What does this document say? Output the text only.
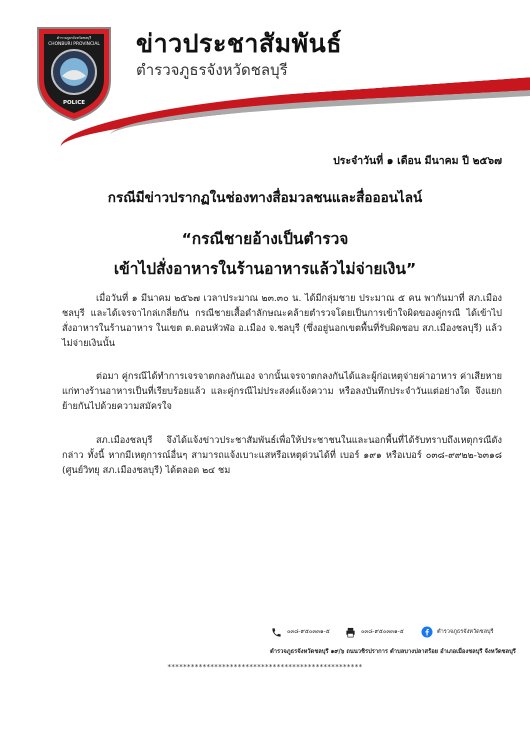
CHONBURI PROVINCIAL
POLICE
ตำรวจภูธรจังหวัดชลบุรี ข่าวประชาสัมพันธ์
ตำรวจภูธรจังหวัดชลบุรี
ประจำวันที่ ๑ เดือน มีนาคม ปี ๒๕๖๗
กรณีมีข่าวปรากฏในช่องทางสื่อมวลชนและสื่อออนไลน์
“กรณีชายอ้างเป็นตำรวจ
เข้าไปสั่งอาหารในร้านอาหารแล้วไม่จ่ายเงิน”
เมื่อวันที่ ๑ มีนาคม ๒๕๖๗ เวลาประมาณ ๒๓.๓๐ น. ได้มีกลุ่มชาย ประมาณ ๕ คน พากันมาที่ สภ.เมืองชลบุรี และได้เจรจาไกล่เกลี่ยกัน กรณีชายเสื้อดำลักษณะคล้ายตำรวจโดยเป็นการเข้าใจผิดของคู่กรณี ได้เข้าไปสั่งอาหารในร้านอาหาร ในเขต ต.ดอนหัวฬ่อ อ.เมือง จ.ชลบุรี (ซึ่งอยู่นอกเขตพื้นที่รับผิดชอบ สภ.เมืองชลบุรี) แล้วไม่จ่ายเงินนั้น
ต่อมา คู่กรณีได้ทำการเจรจาตกลงกันเอง จากนั้นเจรจาตกลงกันได้และผู้ก่อเหตุจ่ายค่าอาหาร ค่าเสียหาย แก่ทางร้านอาหารเป็นที่เรียบร้อยแล้ว และคู่กรณีไม่ประสงค์แจ้งความ หรือลงบันทึกประจำวันแต่อย่างใด จึงแยกย้ายกันไปด้วยความสมัครใจ
สภ.เมืองชลบุรี จึงได้แจ้งข่าวประชาสัมพันธ์เพื่อให้ประชาชนในและนอกพื้นที่ได้รับทราบถึงเหตุกรณีดังกล่าว ทั้งนี้ หากมีเหตุการณ์อื่นๆ สามารถแจ้งเบาะแสหรือเหตุด่วนได้ที่ เบอร์ ๑๙๑ หรือเบอร์ ๐๓๘-๙๙๒๒-๖๓๑๘ (ศูนย์วิทยุ สภ.เมืองชลบุรี) ได้ตลอด ๒๔ ชม
๐๓๘-๙๕๐๓๓๑-๕	๐๓๘-๙๕๐๓๓๑-๕	ตำรวจภูธรจังหวัดชลบุรี
ตำรวจภูธรจังหวัดชลบุรี ๑๙/๖ ถนนวชิรปราการ ตำบลบางปลาสร้อย อำเภอเมืองชลบุรี จังหวัดชลบุรี
**************************************************
